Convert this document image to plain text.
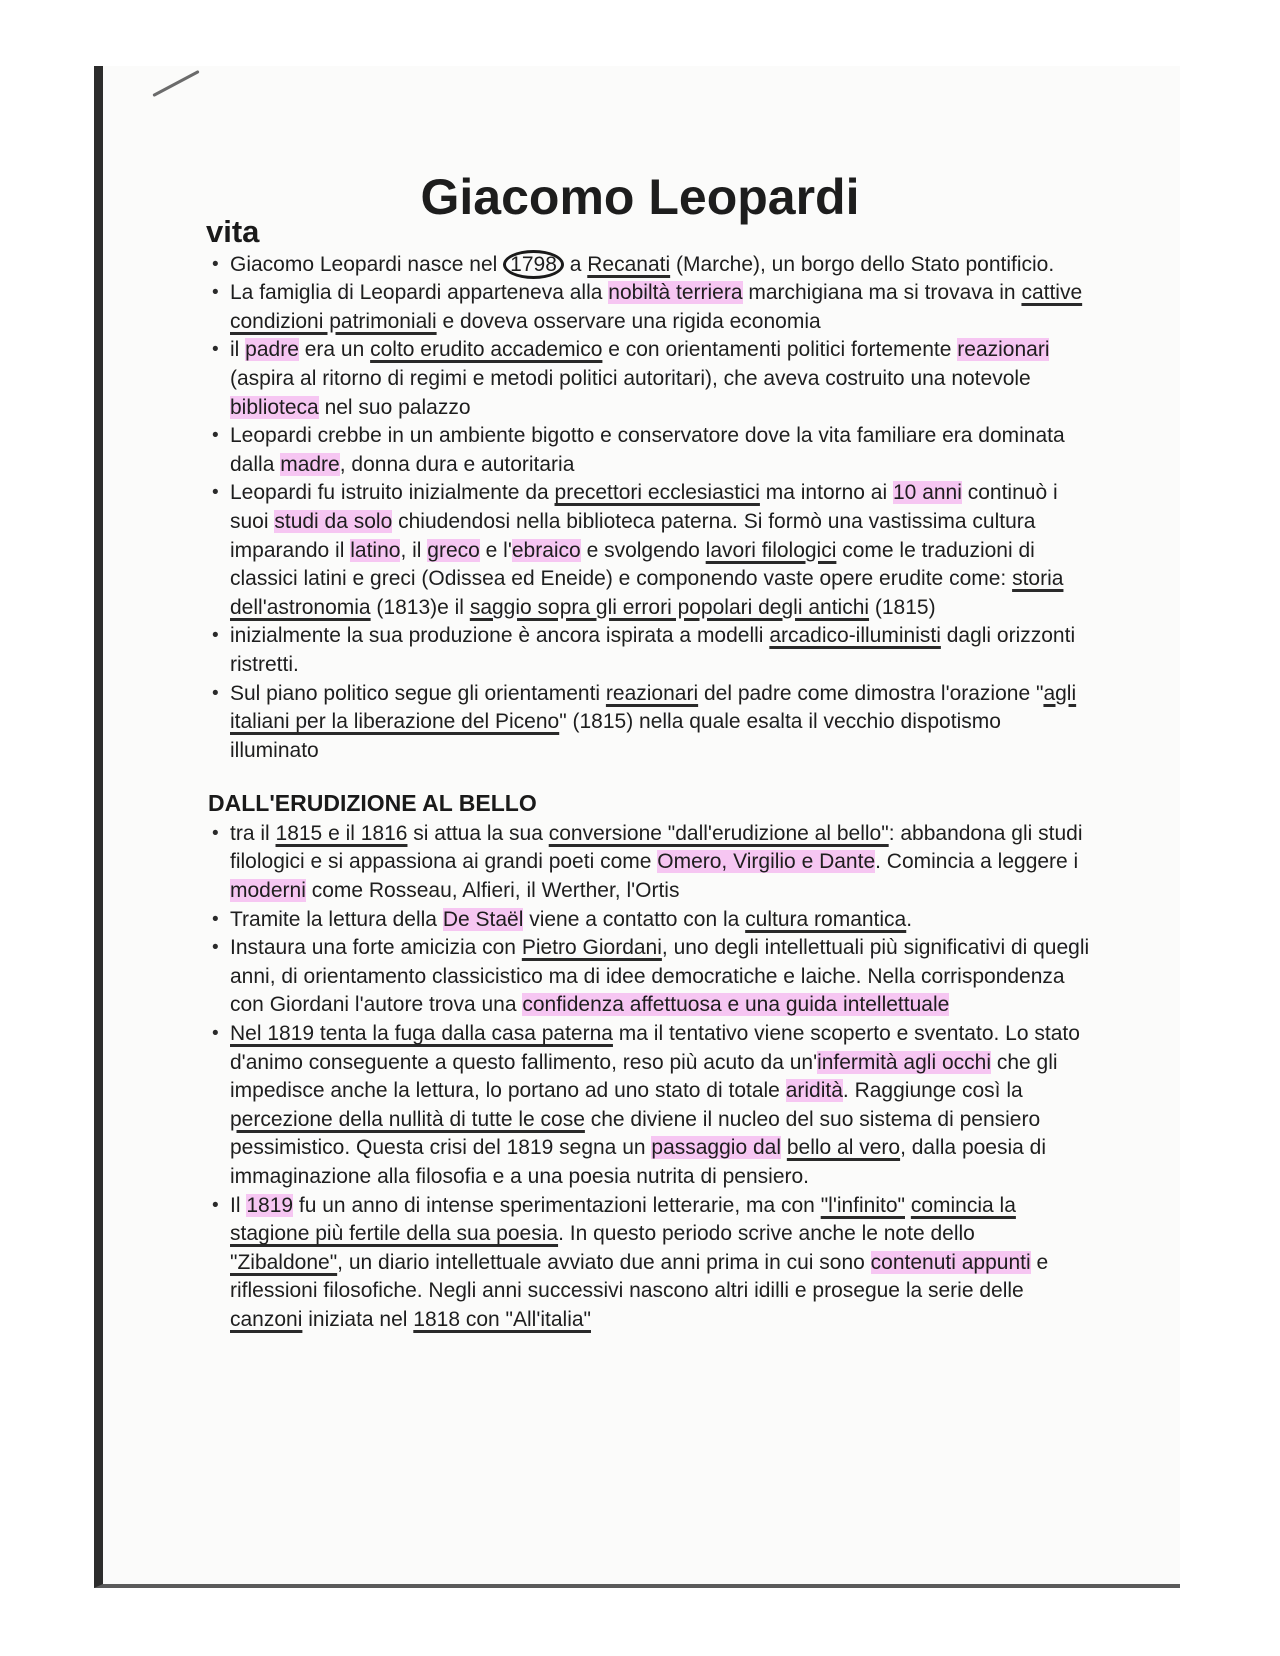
Giacomo Leopardi
vita
• Giacomo Leopardi nasce nel 1798 a Recanati (Marche), un borgo dello Stato pontificio.
• La famiglia di Leopardi apparteneva alla nobiltà terriera marchigiana ma si trovava in cattive condizioni patrimoniali e doveva osservare una rigida economia
• il padre era un colto erudito accademico e con orientamenti politici fortemente reazionari (aspira al ritorno di regimi e metodi politici autoritari), che aveva costruito una notevole biblioteca nel suo palazzo
• Leopardi crebbe in un ambiente bigotto e conservatore dove la vita familiare era dominata dalla madre, donna dura e autoritaria
• Leopardi fu istruito inizialmente da precettori ecclesiastici ma intorno ai 10 anni continuò i suoi studi da solo chiudendosi nella biblioteca paterna. Si formò una vastissima cultura imparando il latino, il greco e l'ebraico e svolgendo lavori filologici come le traduzioni di classici latini e greci (Odissea ed Eneide) e componendo vaste opere erudite come: storia dell'astronomia (1813)e il saggio sopra gli errori popolari degli antichi (1815)
• inizialmente la sua produzione è ancora ispirata a modelli arcadico-illuministi dagli orizzonti ristretti.
• Sul piano politico segue gli orientamenti reazionari del padre come dimostra l'orazione "agli italiani per la liberazione del Piceno" (1815) nella quale esalta il vecchio dispotismo illuminato
DALL'ERUDIZIONE AL BELLO
• tra il 1815 e il 1816 si attua la sua conversione "dall'erudizione al bello": abbandona gli studi filologici e si appassiona ai grandi poeti come Omero, Virgilio e Dante. Comincia a leggere i moderni come Rosseau, Alfieri, il Werther, l'Ortis
• Tramite la lettura della De Staël viene a contatto con la cultura romantica.
• Instaura una forte amicizia con Pietro Giordani, uno degli intellettuali più significativi di quegli anni, di orientamento classicistico ma di idee democratiche e laiche. Nella corrispondenza con Giordani l'autore trova una confidenza affettuosa e una guida intellettuale
• Nel 1819 tenta la fuga dalla casa paterna ma il tentativo viene scoperto e sventato. Lo stato d'animo conseguente a questo fallimento, reso più acuto da un'infermità agli occhi che gli impedisce anche la lettura, lo portano ad uno stato di totale aridità. Raggiunge così la percezione della nullità di tutte le cose che diviene il nucleo del suo sistema di pensiero pessimistico. Questa crisi del 1819 segna un passaggio dal bello al vero, dalla poesia di immaginazione alla filosofia e a una poesia nutrita di pensiero.
• Il 1819 fu un anno di intense sperimentazioni letterarie, ma con "l'infinito" comincia la stagione più fertile della sua poesia. In questo periodo scrive anche le note dello "Zibaldone", un diario intellettuale avviato due anni prima in cui sono contenuti appunti e riflessioni filosofiche. Negli anni successivi nascono altri idilli e prosegue la serie delle canzoni iniziata nel 1818 con "All'italia"
